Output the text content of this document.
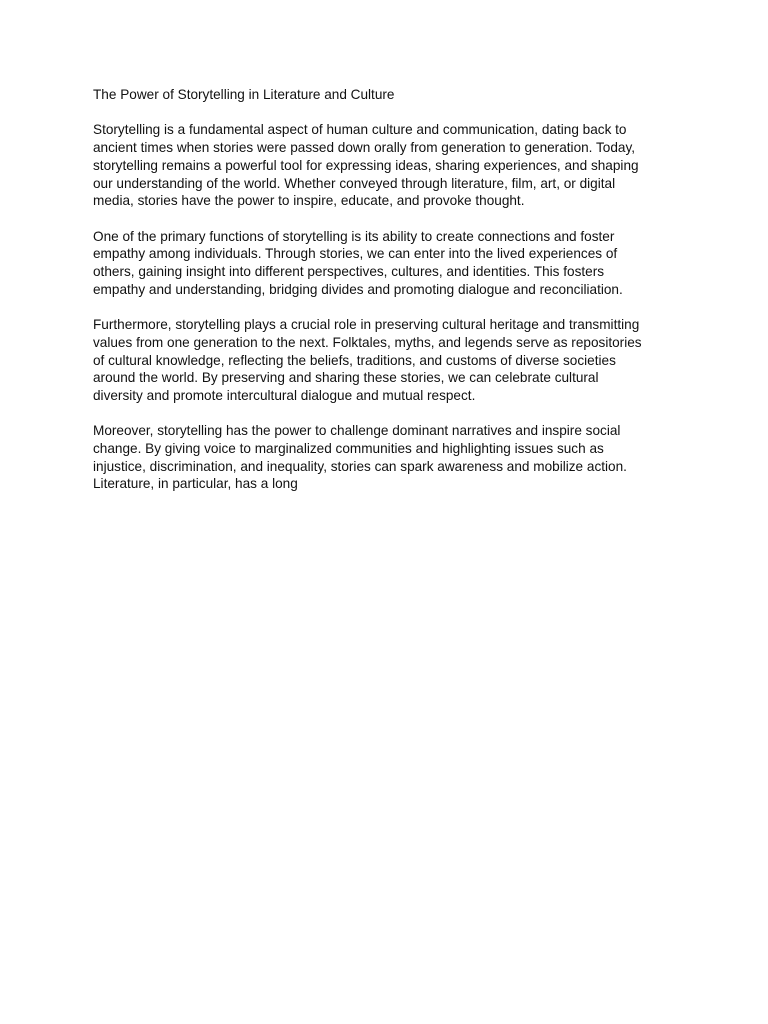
The Power of Storytelling in Literature and Culture
Storytelling is a fundamental aspect of human culture and communication, dating back to
ancient times when stories were passed down orally from generation to generation. Today,
storytelling remains a powerful tool for expressing ideas, sharing experiences, and shaping
our understanding of the world. Whether conveyed through literature, film, art, or digital
media, stories have the power to inspire, educate, and provoke thought.
One of the primary functions of storytelling is its ability to create connections and foster
empathy among individuals. Through stories, we can enter into the lived experiences of
others, gaining insight into different perspectives, cultures, and identities. This fosters
empathy and understanding, bridging divides and promoting dialogue and reconciliation.
Furthermore, storytelling plays a crucial role in preserving cultural heritage and transmitting
values from one generation to the next. Folktales, myths, and legends serve as repositories
of cultural knowledge, reflecting the beliefs, traditions, and customs of diverse societies
around the world. By preserving and sharing these stories, we can celebrate cultural
diversity and promote intercultural dialogue and mutual respect.
Moreover, storytelling has the power to challenge dominant narratives and inspire social
change. By giving voice to marginalized communities and highlighting issues such as
injustice, discrimination, and inequality, stories can spark awareness and mobilize action.
Literature, in particular, has a long
